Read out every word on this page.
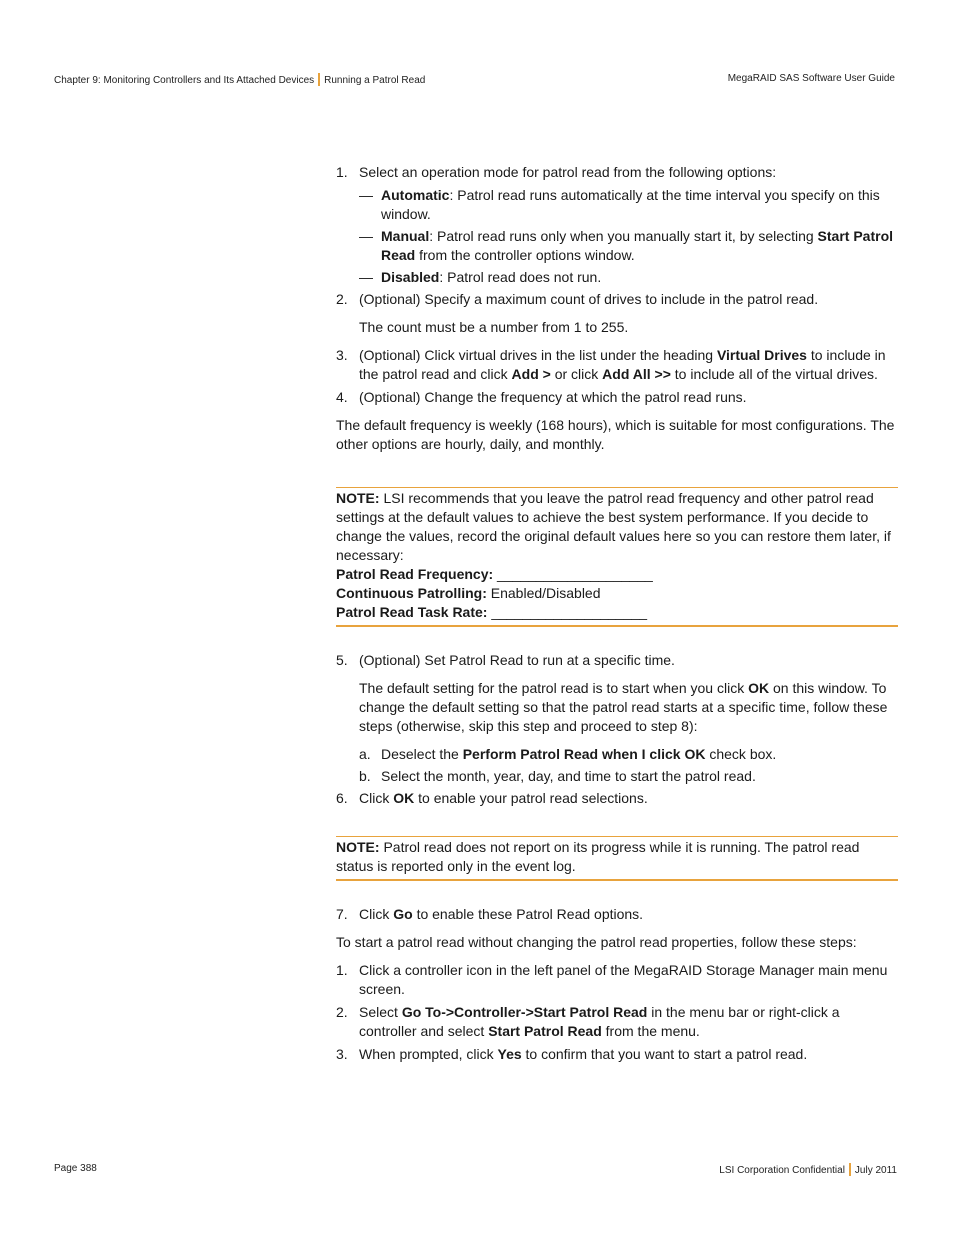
Chapter 9: Monitoring Controllers and Its Attached Devices Running a Patrol Read	MegaRAID SAS Software User Guide
1. Select an operation mode for patrol read from the following options:
— Automatic: Patrol read runs automatically at the time interval you specify on this window.
— Manual: Patrol read runs only when you manually start it, by selecting Start Patrol Read from the controller options window.
— Disabled: Patrol read does not run.
2. (Optional) Specify a maximum count of drives to include in the patrol read.
The count must be a number from 1 to 255.
3. (Optional) Click virtual drives in the list under the heading Virtual Drives to include in the patrol read and click Add > or click Add All >> to include all of the virtual drives.
4. (Optional) Change the frequency at which the patrol read runs.
The default frequency is weekly (168 hours), which is suitable for most configurations. The other options are hourly, daily, and monthly.
NOTE: LSI recommends that you leave the patrol read frequency and other patrol read settings at the default values to achieve the best system performance. If you decide to change the values, record the original default values here so you can restore them later, if necessary:
Patrol Read Frequency: ____________________
Continuous Patrolling: Enabled/Disabled
Patrol Read Task Rate: ____________________
5. (Optional) Set Patrol Read to run at a specific time.
The default setting for the patrol read is to start when you click OK on this window. To change the default setting so that the patrol read starts at a specific time, follow these steps (otherwise, skip this step and proceed to step 8):
a. Deselect the Perform Patrol Read when I click OK check box.
b. Select the month, year, day, and time to start the patrol read.
6. Click OK to enable your patrol read selections.
NOTE: Patrol read does not report on its progress while it is running. The patrol read status is reported only in the event log.
7. Click Go to enable these Patrol Read options.
To start a patrol read without changing the patrol read properties, follow these steps:
1. Click a controller icon in the left panel of the MegaRAID Storage Manager main menu screen.
2. Select Go To->Controller->Start Patrol Read in the menu bar or right-click a controller and select Start Patrol Read from the menu.
3. When prompted, click Yes to confirm that you want to start a patrol read.
Page 388	LSI Corporation Confidential July 2011
